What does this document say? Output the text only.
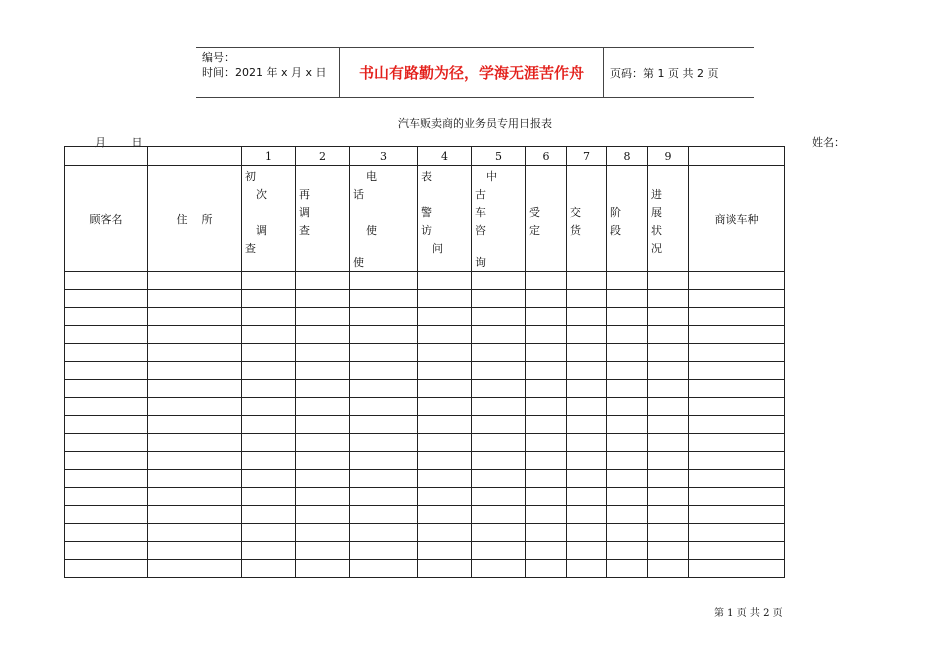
编号：
时间：2021 年 x 月 x 日	书山有路勤为径，学海无涯苦作舟	页码：第 1 页 共 2 页
汽车贩卖商的业务员专用日报表
月 日	姓名：
		1	2	3	4	5	6	7	8	9	

顾客名	住    所	初
次
调
查	再
调
查	电
话
使
使	表
警
访
问	中
古
车
咨
询	受
定	交
货	阶
段	进
展
状
况	商谈车种

第 1 页 共 2 页
